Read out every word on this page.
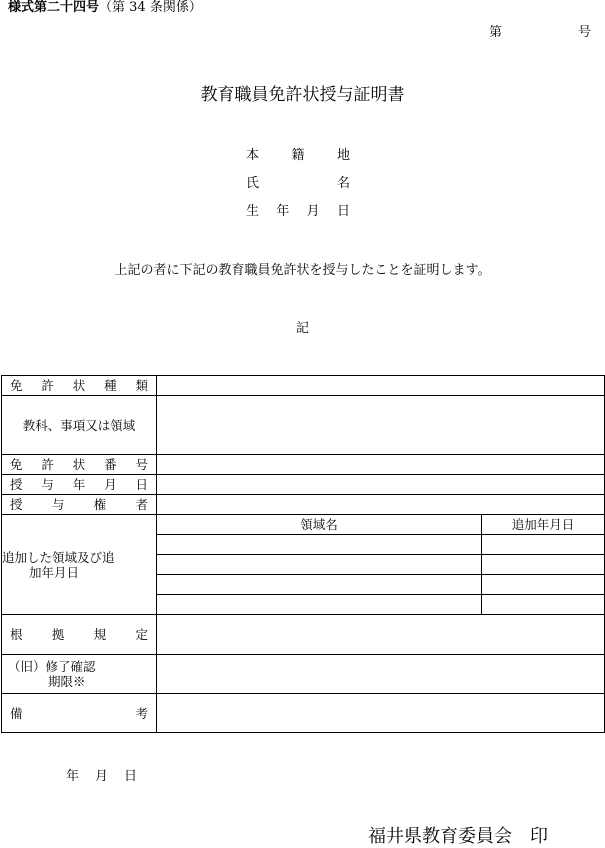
様式第二十四号（第 34 条関係）
第	号
教育職員免許状授与証明書
本 籍 地
氏	名
生 年 月 日
上記の者に下記の教育職員免許状を授与したことを証明します。
記
免 許 状 種 類		

教科、事項又は領域		

免 許 状 番 号		

授 与 年 月 日		

授 与 権 者		

追加した領域及び追
加年月日	領域名	追加年月日

根 拠 規 定		

（旧）修了確認
期限※		

備 考		

年 月 日
福井県教育委員会　印
